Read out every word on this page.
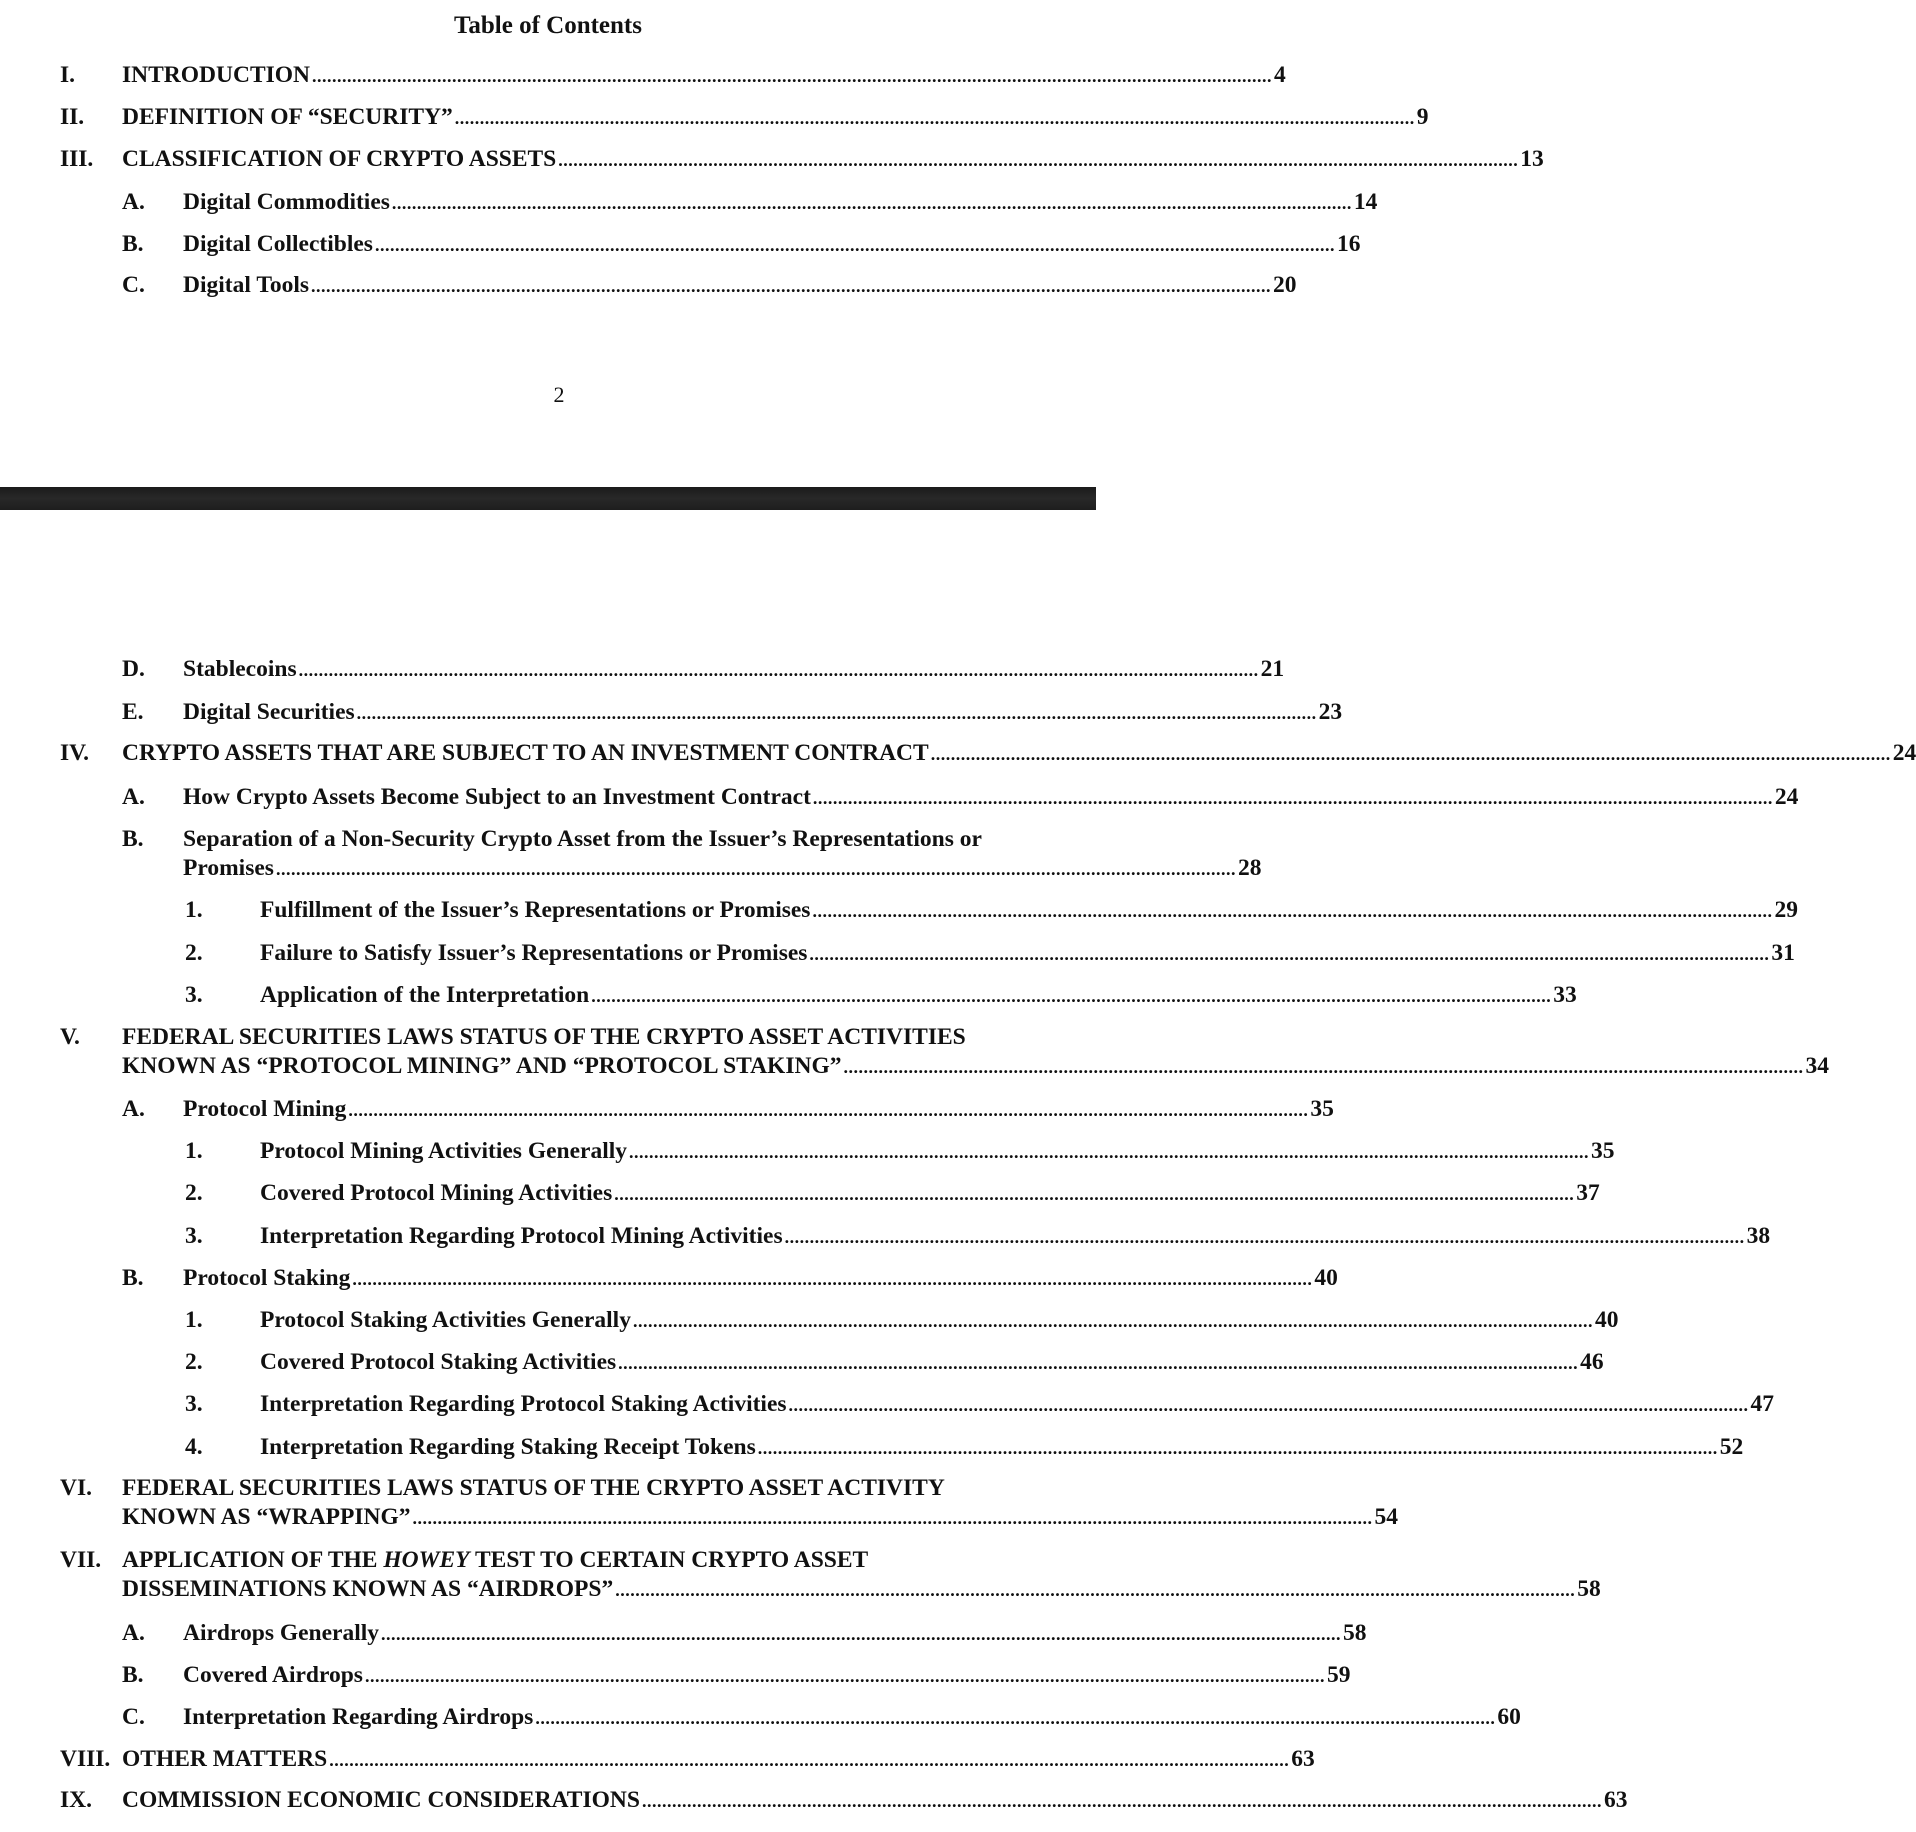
Table of Contents
I. INTRODUCTION ................................................................................................................................................................................................ 4
II. DEFINITION OF “SECURITY” ................................................................................................................................................................................................ 9
III. CLASSIFICATION OF CRYPTO ASSETS ................................................................................................................................................................................................ 13
A. Digital Commodities ................................................................................................................................................................................................ 14
B. Digital Collectibles ................................................................................................................................................................................................ 16
C. Digital Tools ................................................................................................................................................................................................ 20
2
D. Stablecoins ................................................................................................................................................................................................ 21
E. Digital Securities ................................................................................................................................................................................................ 23
IV. CRYPTO ASSETS THAT ARE SUBJECT TO AN INVESTMENT CONTRACT ................................................................................................................................................................................................ 24
A. How Crypto Assets Become Subject to an Investment Contract ................................................................................................................................................................................................ 24
B. Separation of a Non-Security Crypto Asset from the Issuer’s Representations or
Promises ................................................................................................................................................................................................ 28
1. Fulfillment of the Issuer’s Representations or Promises ................................................................................................................................................................................................ 29
2. Failure to Satisfy Issuer’s Representations or Promises ................................................................................................................................................................................................ 31
3. Application of the Interpretation ................................................................................................................................................................................................ 33
V. FEDERAL SECURITIES LAWS STATUS OF THE CRYPTO ASSET ACTIVITIES
KNOWN AS “PROTOCOL MINING” AND “PROTOCOL STAKING” ................................................................................................................................................................................................ 34
A. Protocol Mining ................................................................................................................................................................................................ 35
1. Protocol Mining Activities Generally ................................................................................................................................................................................................ 35
2. Covered Protocol Mining Activities ................................................................................................................................................................................................ 37
3. Interpretation Regarding Protocol Mining Activities ................................................................................................................................................................................................ 38
B. Protocol Staking ................................................................................................................................................................................................ 40
1. Protocol Staking Activities Generally ................................................................................................................................................................................................ 40
2. Covered Protocol Staking Activities ................................................................................................................................................................................................ 46
3. Interpretation Regarding Protocol Staking Activities ................................................................................................................................................................................................ 47
4. Interpretation Regarding Staking Receipt Tokens ................................................................................................................................................................................................ 52
VI. FEDERAL SECURITIES LAWS STATUS OF THE CRYPTO ASSET ACTIVITY
KNOWN AS “WRAPPING” ................................................................................................................................................................................................ 54
VII. APPLICATION OF THE HOWEY TEST TO CERTAIN CRYPTO ASSET
DISSEMINATIONS KNOWN AS “AIRDROPS” ................................................................................................................................................................................................ 58
A. Airdrops Generally ................................................................................................................................................................................................ 58
B. Covered Airdrops ................................................................................................................................................................................................ 59
C. Interpretation Regarding Airdrops ................................................................................................................................................................................................ 60
VIII. OTHER MATTERS ................................................................................................................................................................................................ 63
IX. COMMISSION ECONOMIC CONSIDERATIONS ................................................................................................................................................................................................ 63
